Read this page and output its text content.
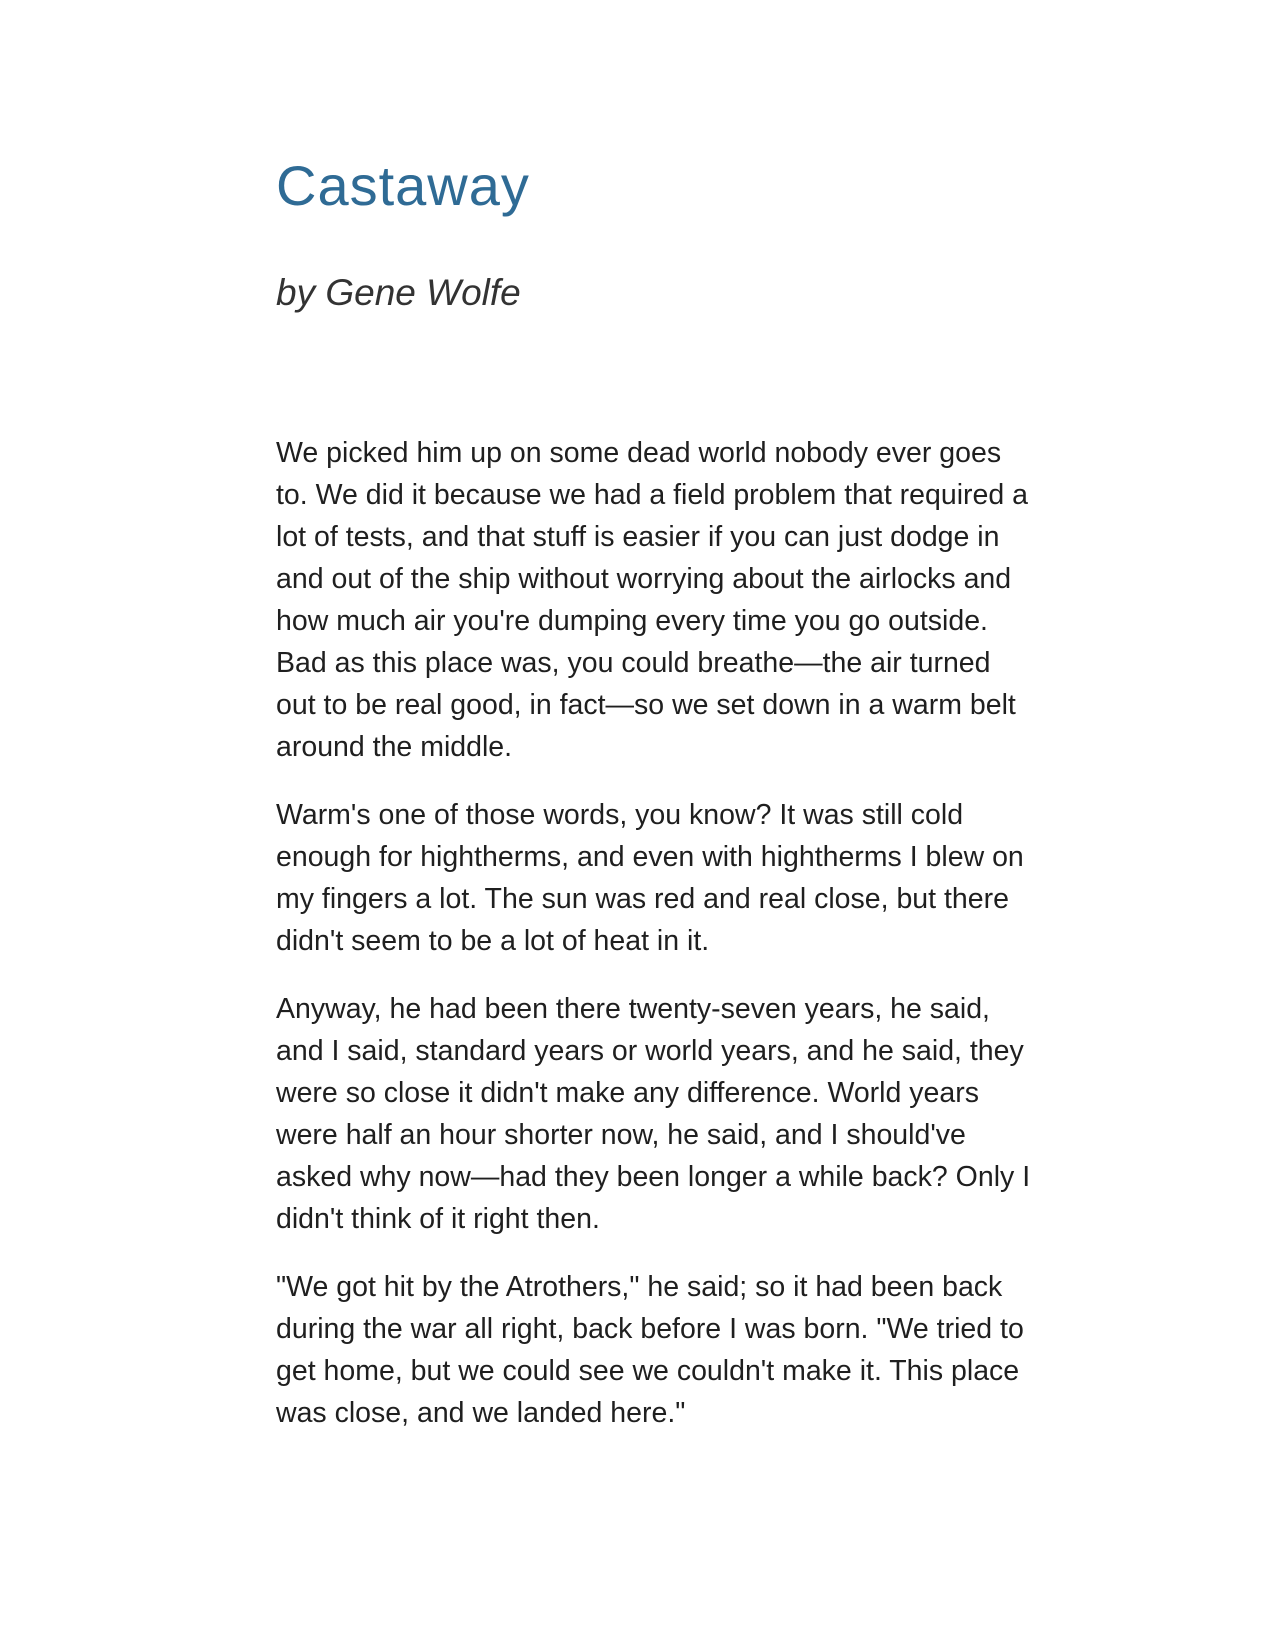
Castaway
by Gene Wolfe

We picked him up on some dead world nobody ever goes to. We did it because we had a field problem that required a lot of tests, and that stuff is easier if you can just dodge in and out of the ship without worrying about the airlocks and how much air you're dumping every time you go outside. Bad as this place was, you could breathe—the air turned out to be real good, in fact—so we set down in a warm belt around the middle.

Warm's one of those words, you know? It was still cold enough for hightherms, and even with hightherms I blew on my fingers a lot. The sun was red and real close, but there didn't seem to be a lot of heat in it.

Anyway, he had been there twenty-seven years, he said, and I said, standard years or world years, and he said, they were so close it didn't make any difference. World years were half an hour shorter now, he said, and I should've asked why now—had they been longer a while back? Only I didn't think of it right then.

"We got hit by the Atrothers," he said; so it had been back during the war all right, back before I was born. "We tried to get home, but we could see we couldn't make it. This place was close, and we landed here."
